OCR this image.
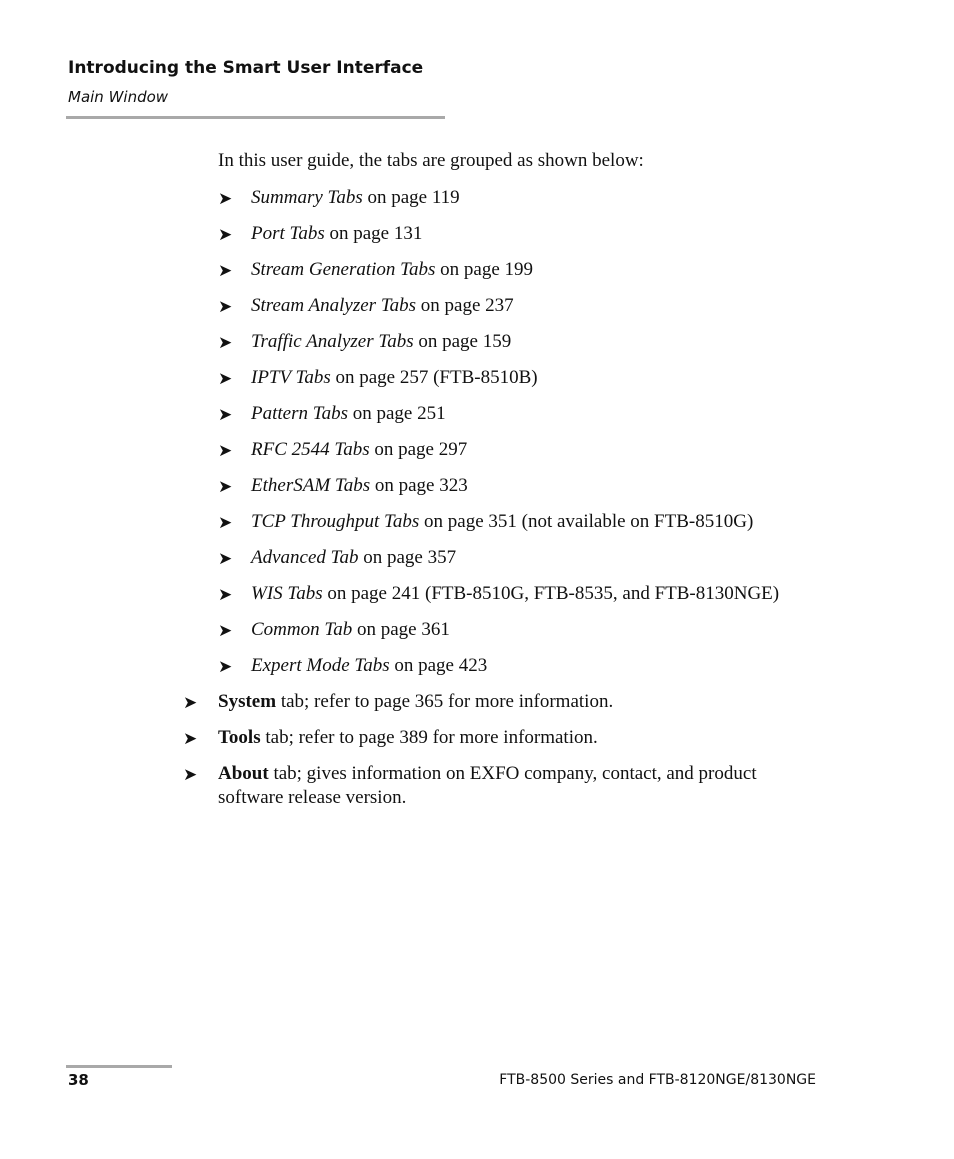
Introducing the Smart User Interface
Main Window
In this user guide, the tabs are grouped as shown below:
➤ Summary Tabs on page 119
➤ Port Tabs on page 131
➤ Stream Generation Tabs on page 199
➤ Stream Analyzer Tabs on page 237
➤ Traffic Analyzer Tabs on page 159
➤ IPTV Tabs on page 257 (FTB-8510B)
➤ Pattern Tabs on page 251
➤ RFC 2544 Tabs on page 297
➤ EtherSAM Tabs on page 323
➤ TCP Throughput Tabs on page 351 (not available on FTB-8510G)
➤ Advanced Tab on page 357
➤ WIS Tabs on page 241 (FTB-8510G, FTB-8535, and FTB-8130NGE)
➤ Common Tab on page 361
➤ Expert Mode Tabs on page 423
➤ System tab; refer to page 365 for more information.
➤ Tools tab; refer to page 389 for more information.
➤ About tab; gives information on EXFO company, contact, and product software release version.
38	FTB-8500 Series and FTB-8120NGE/8130NGE
